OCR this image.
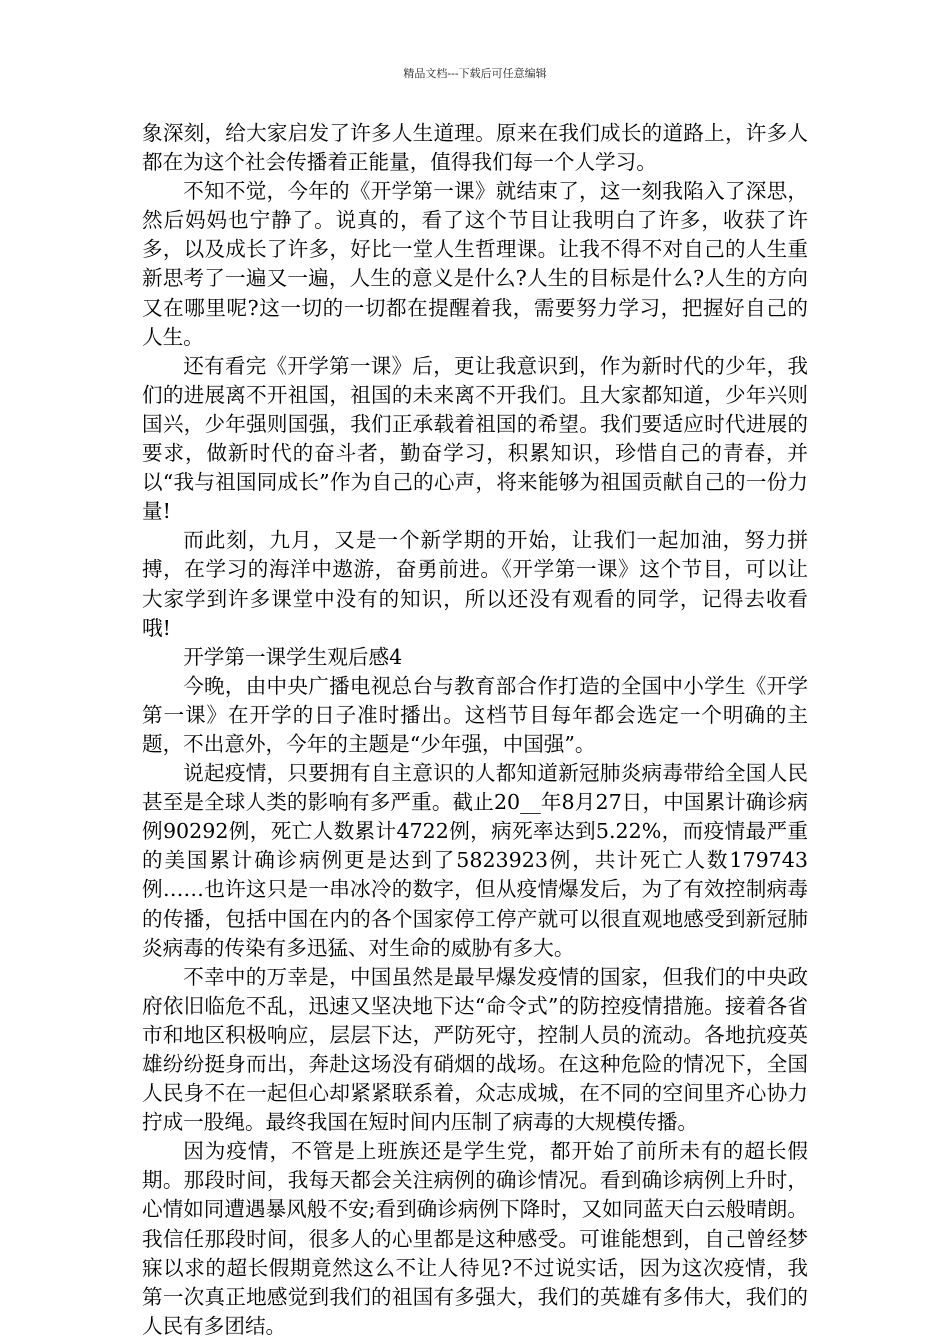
精品文档---下载后可任意编辑

象深刻，给大家启发了许多人生道理。原来在我们成长的道路上，许多人都在为这个社会传播着正能量，值得我们每一个人学习。

不知不觉，今年的《开学第一课》就结束了，这一刻我陷入了深思，然后妈妈也宁静了。说真的，看了这个节目让我明白了许多，收获了许多，以及成长了许多，好比一堂人生哲理课。让我不得不对自己的人生重新思考了一遍又一遍，人生的意义是什么?人生的目标是什么?人生的方向又在哪里呢?这一切的一切都在提醒着我，需要努力学习，把握好自己的人生。

还有看完《开学第一课》后，更让我意识到，作为新时代的少年，我们的进展离不开祖国，祖国的未来离不开我们。且大家都知道，少年兴则国兴，少年强则国强，我们正承载着祖国的希望。我们要适应时代进展的要求，做新时代的奋斗者，勤奋学习，积累知识，珍惜自己的青春，并以“我与祖国同成长”作为自己的心声，将来能够为祖国贡献自己的一份力量!

而此刻，九月，又是一个新学期的开始，让我们一起加油，努力拼搏，在学习的海洋中遨游，奋勇前进。《开学第一课》这个节目，可以让大家学到许多课堂中没有的知识，所以还没有观看的同学，记得去收看哦!

开学第一课学生观后感4

今晚，由中央广播电视总台与教育部合作打造的全国中小学生《开学第一课》在开学的日子准时播出。这档节目每年都会选定一个明确的主题，不出意外，今年的主题是“少年强，中国强”。

说起疫情，只要拥有自主意识的人都知道新冠肺炎病毒带给全国人民甚至是全球人类的影响有多严重。截止20__年8月27日，中国累计确诊病例90292例，死亡人数累计4722例，病死率达到5.22%，而疫情最严重的美国累计确诊病例更是达到了5823923例，共计死亡人数179743例……也许这只是一串冰冷的数字，但从疫情爆发后，为了有效控制病毒的传播，包括中国在内的各个国家停工停产就可以很直观地感受到新冠肺炎病毒的传染有多迅猛、对生命的威胁有多大。

不幸中的万幸是，中国虽然是最早爆发疫情的国家，但我们的中央政府依旧临危不乱，迅速又坚决地下达“命令式”的防控疫情措施。接着各省市和地区积极响应，层层下达，严防死守，控制人员的流动。各地抗疫英雄纷纷挺身而出，奔赴这场没有硝烟的战场。在这种危险的情况下，全国人民身不在一起但心却紧紧联系着，众志成城，在不同的空间里齐心协力拧成一股绳。最终我国在短时间内压制了病毒的大规模传播。

因为疫情，不管是上班族还是学生党，都开始了前所未有的超长假期。那段时间，我每天都会关注病例的确诊情况。看到确诊病例上升时，心情如同遭遇暴风般不安;看到确诊病例下降时，又如同蓝天白云般晴朗。我信任那段时间，很多人的心里都是这种感受。可谁能想到，自己曾经梦寐以求的超长假期竟然这么不让人待见?不过说实话，因为这次疫情，我第一次真正地感觉到我们的祖国有多强大，我们的英雄有多伟大，我们的人民有多团结。
